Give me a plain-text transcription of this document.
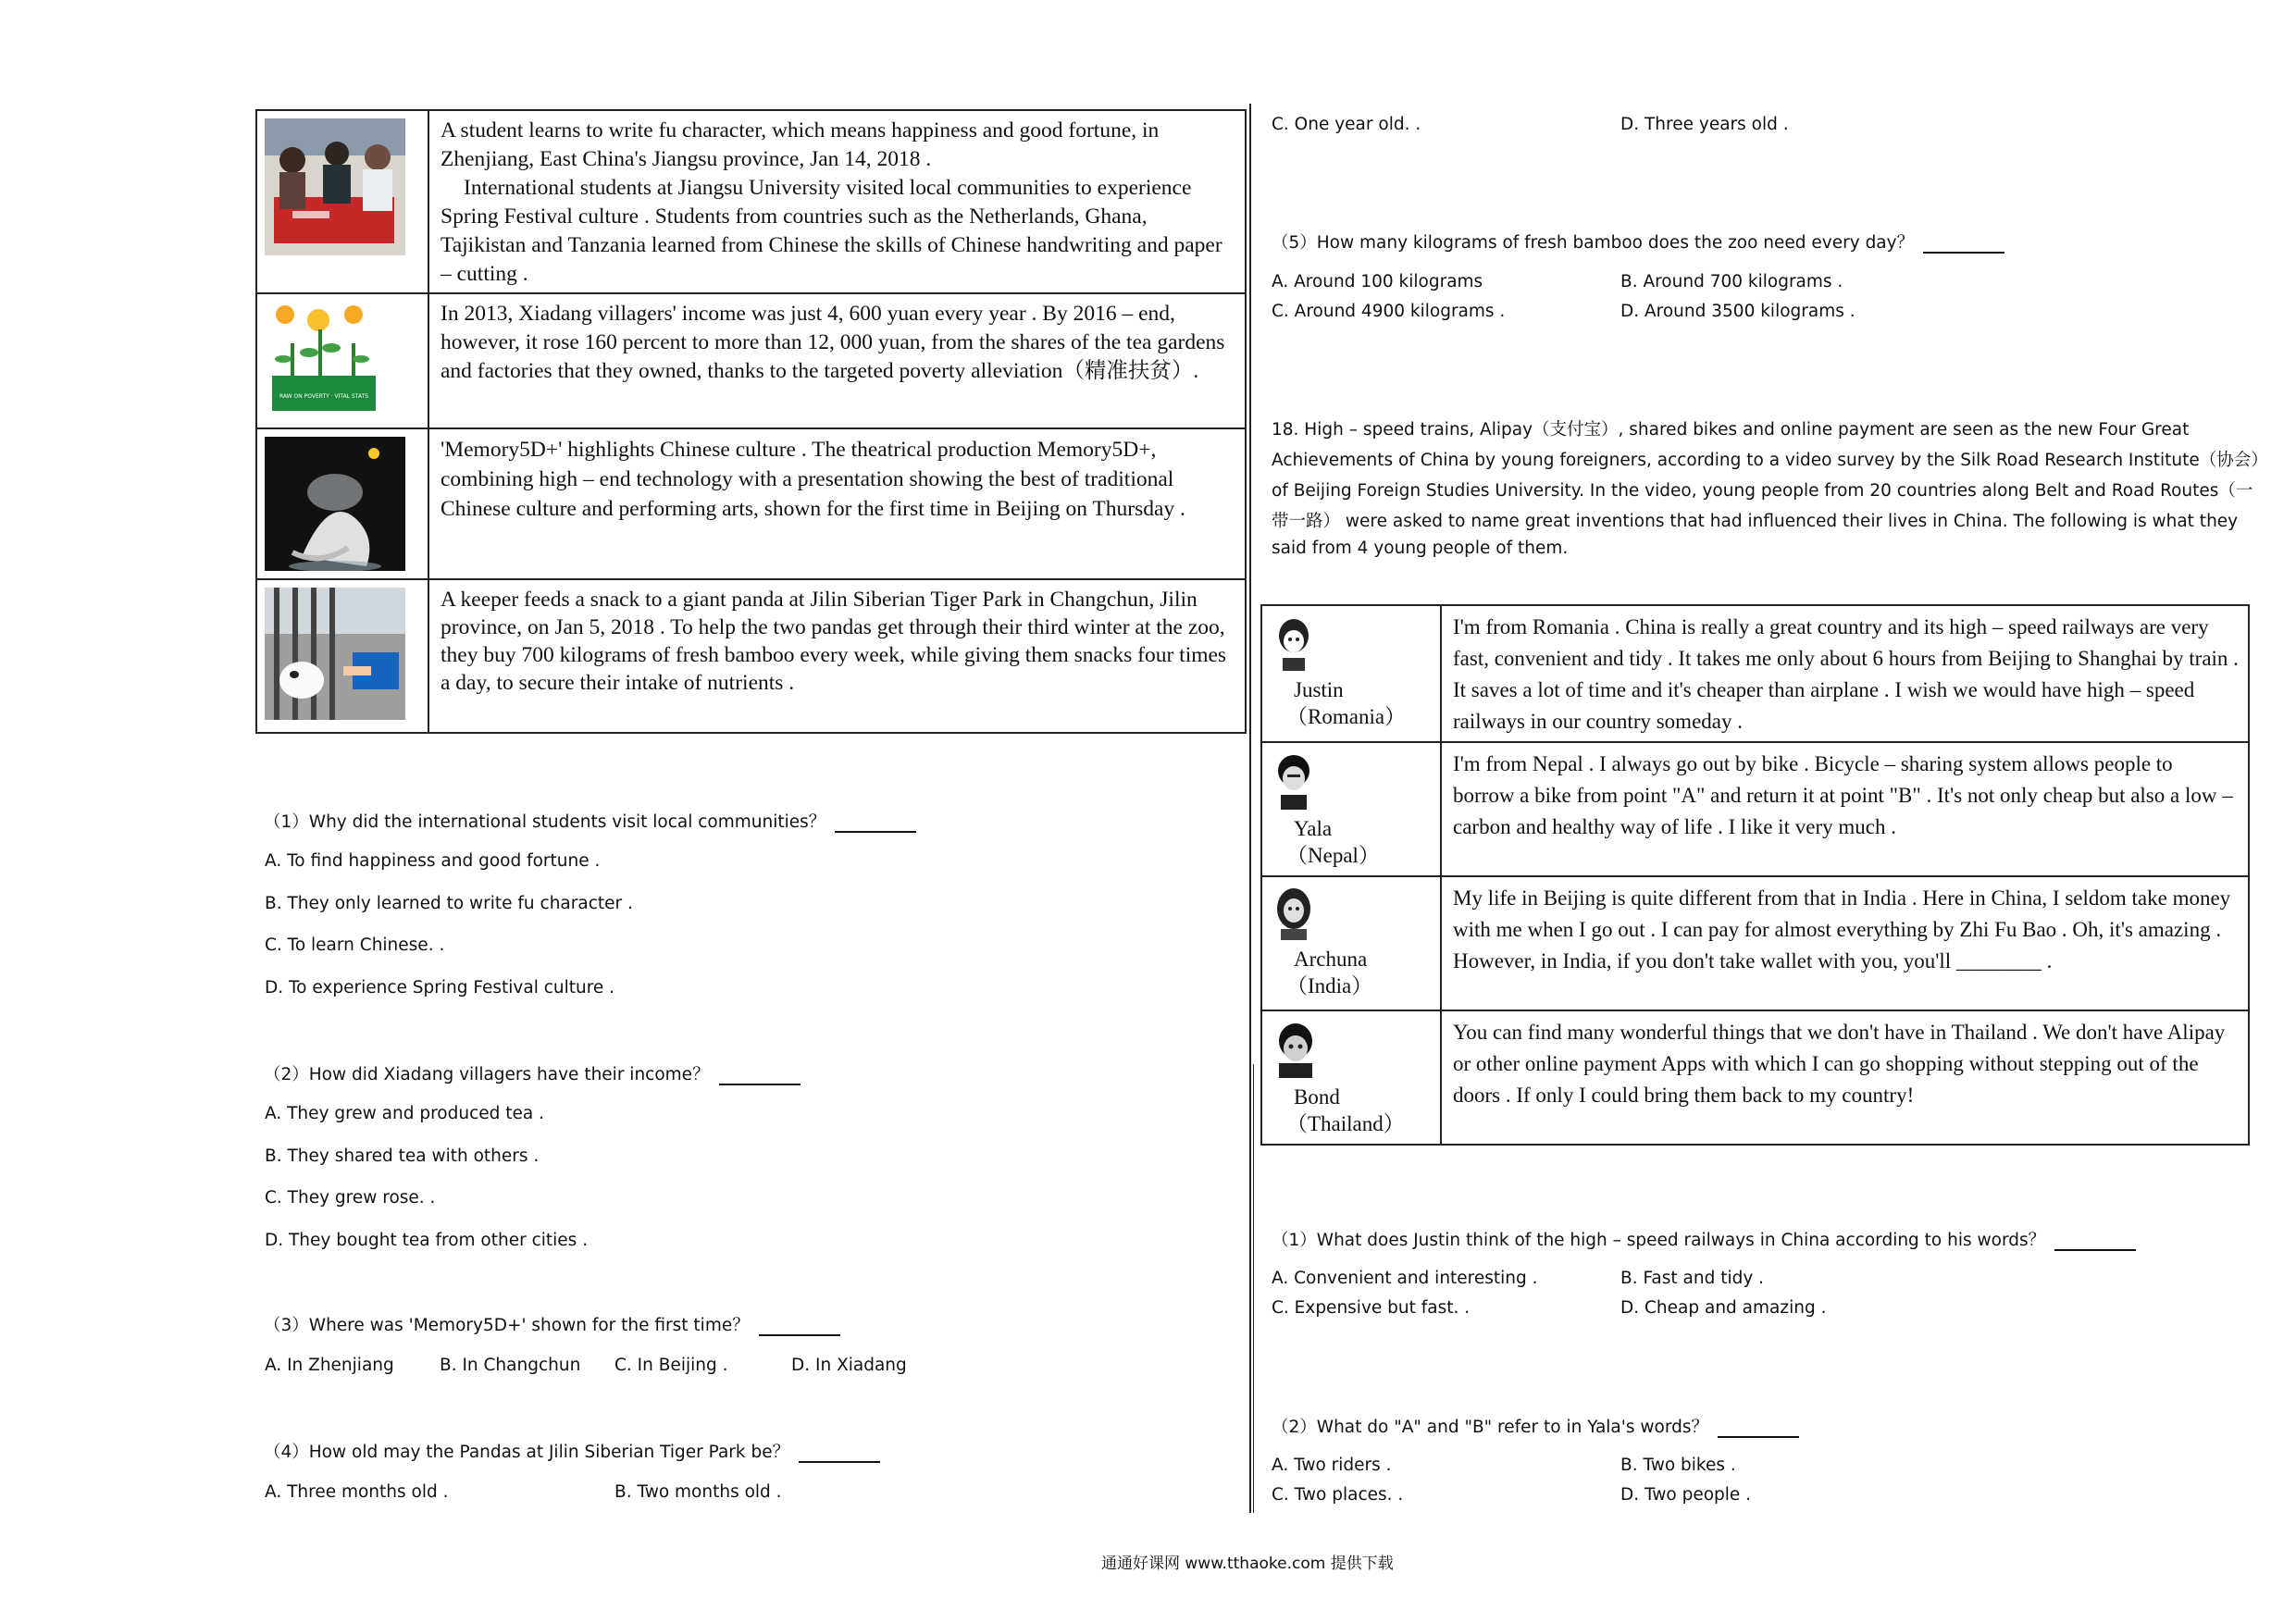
A student learns to write fu character, which means happiness and good fortune, in Zhenjiang, East China's Jiangsu province, Jan 14, 2018 .

International students at Jiangsu University visited local communities to experience Spring Festival culture . Students from countries such as the Netherlands, Ghana, Tajikistan and Tanzania learned from Chinese the skills of Chinese handwriting and paper – cutting .

RAW ON POVERTY · VITAL STATS	In 2013, Xiadang villagers' income was just 4, 600 yuan every year . By 2016 – end, however, it rose 160 percent to more than 12, 000 yuan, from the shares of the tea gardens and factories that they owned, thanks to the targeted poverty alleviation（精准扶贫）.

'Memory5D+' highlights Chinese culture . The theatrical production Memory5D+, combining high – end technology with a presentation showing the best of traditional Chinese culture and performing arts, shown for the first time in Beijing on Thursday .

A keeper feeds a snack to a giant panda at Jilin Siberian Tiger Park in Changchun, Jilin province, on Jan 5, 2018 . To help the two pandas get through their third winter at the zoo, they buy 700 kilograms of fresh bamboo every week, while giving them snacks four times a day, to secure their intake of nutrients .

（1）Why did the international students visit local communities？
A. To find happiness and good fortune .
B. They only learned to write fu character .
C. To learn Chinese. .
D. To experience Spring Festival culture .
（2）How did Xiadang villagers have their income？
A. They grew and produced tea .
B. They shared tea with others .
C. They grew rose. .
D. They bought tea from other cities .
（3）Where was 'Memory5D+' shown for the first time？
A. In Zhenjiang	B. In Changchun C. In Beijing .	D. In Xiadang
（4）How old may the Pandas at Jilin Siberian Tiger Park be？
A. Three months old .	B. Two months old .
C. One year old. .	D. Three years old .
（5）How many kilograms of fresh bamboo does the zoo need every day？
A. Around 100 kilograms	B. Around 700 kilograms .
C. Around 4900 kilograms .	D. Around 3500 kilograms .
18. High – speed trains, Alipay（支付宝）, shared bikes and online payment are seen as the new Four Great
Achievements of China by young foreigners, according to a video survey by the Silk Road Research Institute（协会）
of Beijing Foreign Studies University. In the video, young people from 20 countries along Belt and Road Routes（一
带一路） were asked to name great inventions that had influenced their lives in China. The following is what they
said from 4 young people of them.
Justin
（Romania）	I'm from Romania . China is really a great country and its high – speed railways are very fast, convenient and tidy . It takes me only about 6 hours from Beijing to Shanghai by train . It saves a lot of time and it's cheaper than airplane . I wish we would have high – speed railways in our country someday .

Yala
（Nepal）	I'm from Nepal . I always go out by bike . Bicycle – sharing system allows people to borrow a bike from point "A" and return it at point "B" . It's not only cheap but also a low – carbon and healthy way of life . I like it very much .

Archuna
（India）	My life in Beijing is quite different from that in India . Here in China, I seldom take money with me when I go out . I can pay for almost everything by Zhi Fu Bao . Oh, it's amazing . However, in India, if you don't take wallet with you, you'll ________ .

Bond
（Thailand）	You can find many wonderful things that we don't have in Thailand . We don't have Alipay or other online payment Apps with which I can go shopping without stepping out of the doors . If only I could bring them back to my country!
（1）What does Justin think of the high – speed railways in China according to his words？
A. Convenient and interesting .	B. Fast and tidy .
C. Expensive but fast. .	D. Cheap and amazing .
（2）What do "A" and "B" refer to in Yala's words？
A. Two riders .	B. Two bikes .
C. Two places. .	D. Two people .
通通好课网 www.tthaoke.com 提供下载
